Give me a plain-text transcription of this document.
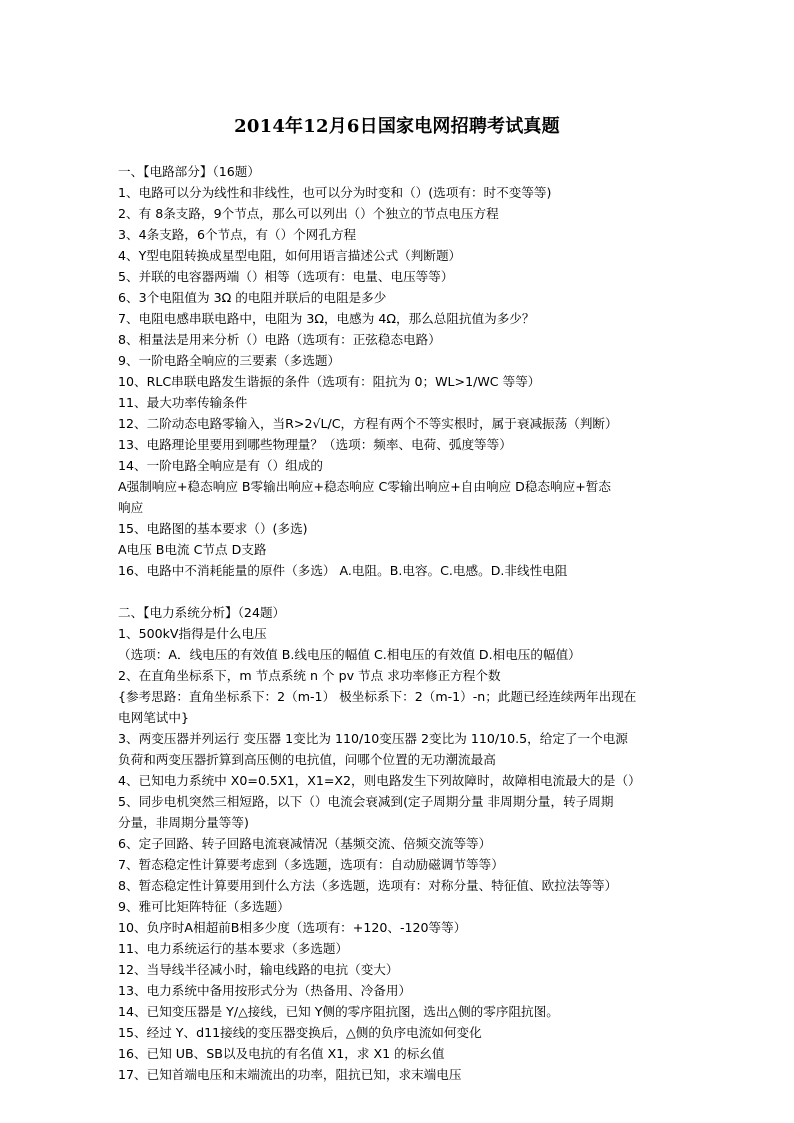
2014年12月6日国家电网招聘考试真题
一、【电路部分】（16题）
1、电路可以分为线性和非线性，也可以分为时变和（）(选项有：时不变等等)
2、有 8条支路，9个节点，那么可以列出（）个独立的节点电压方程
3、4条支路，6个节点，有（）个网孔方程
4、Y型电阻转换成星型电阻，如何用语言描述公式（判断题）
5、并联的电容器两端（）相等（选项有：电量、电压等等）
6、3个电阻值为 3Ω 的电阻并联后的电阻是多少
7、电阻电感串联电路中，电阻为 3Ω，电感为 4Ω，那么总阻抗值为多少？
8、相量法是用来分析（）电路（选项有：正弦稳态电路）
9、一阶电路全响应的三要素（多选题）
10、RLC串联电路发生谐振的条件（选项有：阻抗为 0；WL>1/WC 等等）
11、最大功率传输条件
12、二阶动态电路零输入，当R>2√L/C，方程有两个不等实根时，属于衰减振荡（判断）
13、电路理论里要用到哪些物理量？（选项：频率、电荷、弧度等等）
14、一阶电路全响应是有（）组成的
A强制响应+稳态响应 B零输出响应+稳态响应 C零输出响应+自由响应 D稳态响应+暂态
响应
15、电路图的基本要求（）(多选)
A电压 B电流 C节点 D支路
16、电路中不消耗能量的原件（多选） A.电阻。B.电容。C.电感。D.非线性电阻
二、【电力系统分析】（24题）
1、500kV指得是什么电压
（选项：A．线电压的有效值 B.线电压的幅值 C.相电压的有效值 D.相电压的幅值）
2、在直角坐标系下，m 节点系统 n 个 pv 节点 求功率修正方程个数
{参考思路：直角坐标系下：2（m-1） 极坐标系下：2（m-1）-n；此题已经连续两年出现在
电网笔试中}
3、两变压器并列运行 变压器 1变比为 110/10变压器 2变比为 110/10.5，给定了一个电源
负荷和两变压器折算到高压侧的电抗值，问哪个位置的无功潮流最高
4、已知电力系统中 X0=0.5X1，X1=X2，则电路发生下列故障时，故障相电流最大的是（）
5、同步电机突然三相短路，以下（）电流会衰减到(定子周期分量 非周期分量，转子周期
分量，非周期分量等等)
6、定子回路、转子回路电流衰减情况（基频交流、倍频交流等等）
7、暂态稳定性计算要考虑到（多选题，选项有：自动励磁调节等等）
8、暂态稳定性计算要用到什么方法（多选题，选项有：对称分量、特征值、欧拉法等等）
9、雅可比矩阵特征（多选题）
10、负序时A相超前B相多少度（选项有：+120、-120等等）
11、电力系统运行的基本要求（多选题）
12、当导线半径减小时，输电线路的电抗（变大）
13、电力系统中备用按形式分为（热备用、冷备用）
14、已知变压器是 Y/△接线，已知 Y侧的零序阻抗图，选出△侧的零序阻抗图。
15、经过 Y、d11接线的变压器变换后，△侧的负序电流如何变化
16、已知 UB、SB以及电抗的有名值 X1，求 X1 的标幺值
17、已知首端电压和末端流出的功率，阻抗已知，求末端电压
